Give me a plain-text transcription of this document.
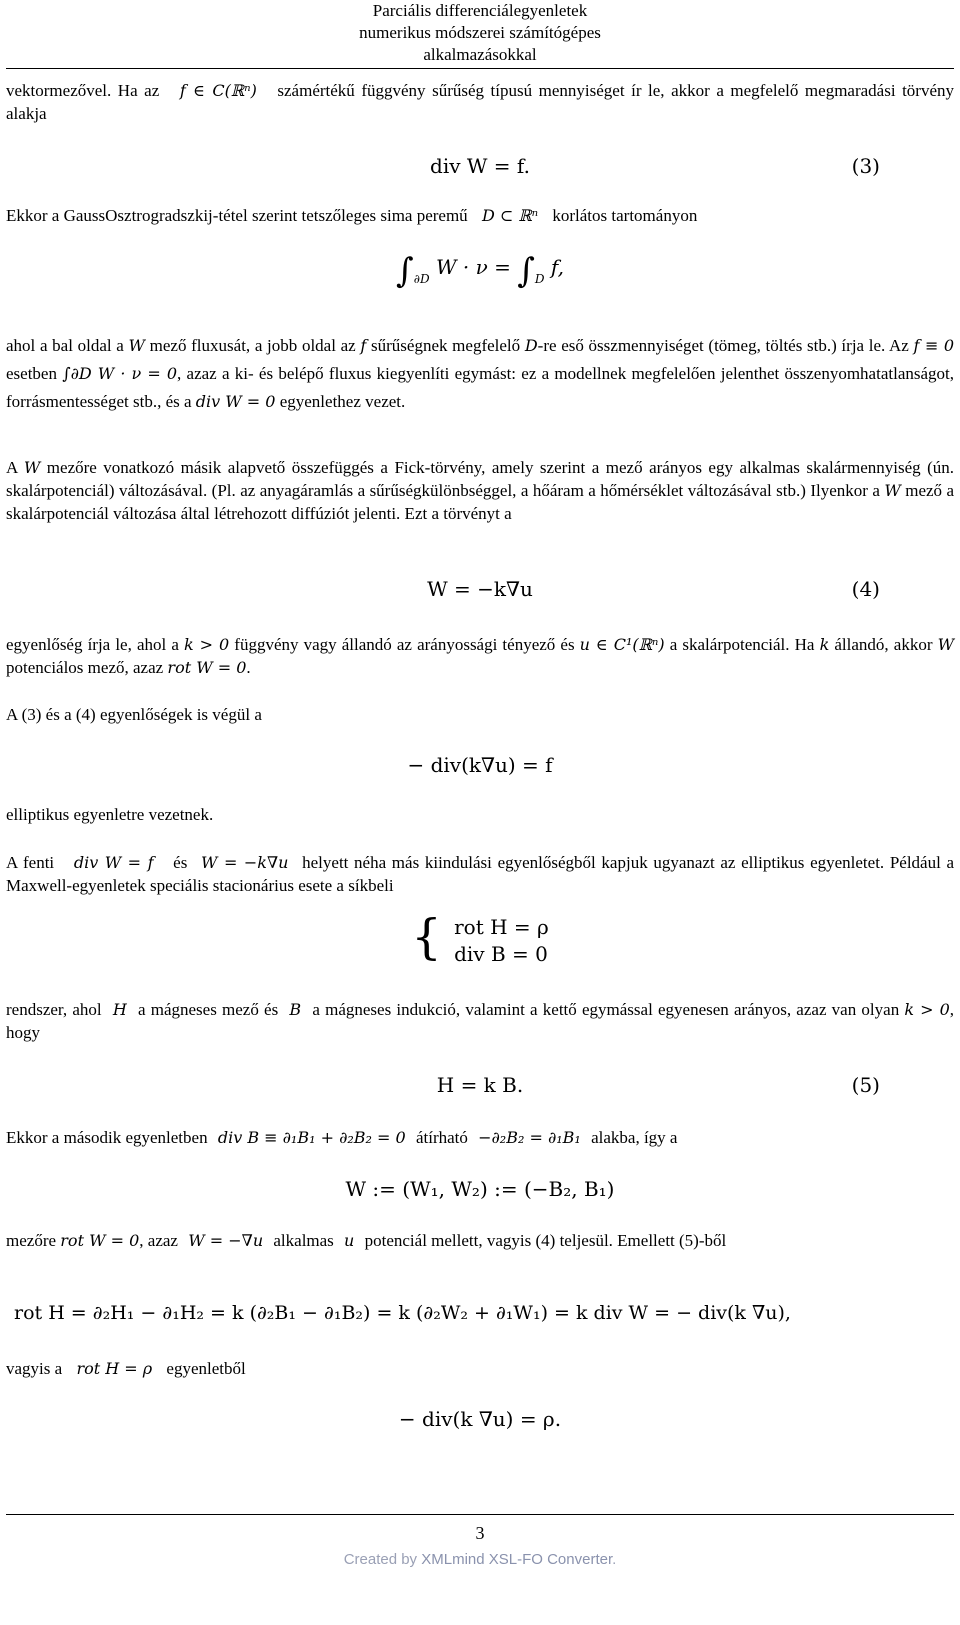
Parciális differenciálegyenletek
numerikus módszerei számítógépes
alkalmazásokkal
vektormezővel. Ha az f ∈ C(ℝⁿ) számértékű függvény sűrűség típusú mennyiséget ír le, akkor a megfelelő megmaradási törvény alakja
div W = f.	(3)
Ekkor a GaussOsztrogradszkij-tétel szerint tetszőleges sima peremű D ⊂ ℝⁿ korlátos tartományon
$\int_{\partial D}$ $W \cdot \nu = \int_D$ f,
ahol a bal oldal a W mező fluxusát, a jobb oldal az f sűrűségnek megfelelő D-re eső összmennyiséget (tömeg, töltés stb.) írja le. Az f ≡ 0 esetben ∫∂D W · ν = 0, azaz a ki- és belépő fluxus kiegyenlíti egymást: ez a modellnek megfelelően jelenthet összenyomhatatlanságot, forrásmentességet stb., és a div W = 0 egyenlethez vezet.
A W mezőre vonatkozó másik alapvető összefüggés a Fick-törvény, amely szerint a mező arányos egy alkalmas skalármennyiség (ún. skalárpotenciál) változásával. (Pl. az anyagáramlás a sűrűségkülönbséggel, a hőáram a hőmérséklet változásával stb.) Ilyenkor a W mező a skalárpotenciál változása által létrehozott diffúziót jelenti. Ezt a törvényt a
W = −k∇u	(4)
egyenlőség írja le, ahol a k > 0 függvény vagy állandó az arányossági tényező és u ∈ C¹(ℝⁿ) a skalárpotenciál. Ha k állandó, akkor W potenciálos mező, azaz rot W = 0.
A (3) és a (4) egyenlőségek is végül a
− div(k∇u) = f
elliptikus egyenletre vezetnek.
A fenti div W = f és W = −k∇u helyett néha más kiindulási egyenlőségből kapjuk ugyanazt az elliptikus egyenletet. Például a Maxwell-egyenletek speciális stacionárius esete a síkbeli
{ rot H = ρ
div B = 0
rendszer, ahol H a mágneses mező és B a mágneses indukció, valamint a kettő egymással egyenesen arányos, azaz van olyan k > 0, hogy
H = k B.	(5)
Ekkor a második egyenletben div B ≡ ∂₁B₁ + ∂₂B₂ = 0 átírható −∂₂B₂ = ∂₁B₁ alakba, így a
W := (W₁, W₂) := (−B₂, B₁)
mezőre rot W = 0, azaz W = −∇u alkalmas u potenciál mellett, vagyis (4) teljesül. Emellett (5)-ből
rot H = ∂₂H₁ − ∂₁H₂ = k (∂₂B₁ − ∂₁B₂) = k (∂₂W₂ + ∂₁W₁) = k div W = − div(k ∇u),
vagyis a rot H = ρ egyenletből
− div(k ∇u) = ρ.
3
Created by XMLmind XSL-FO Converter.
